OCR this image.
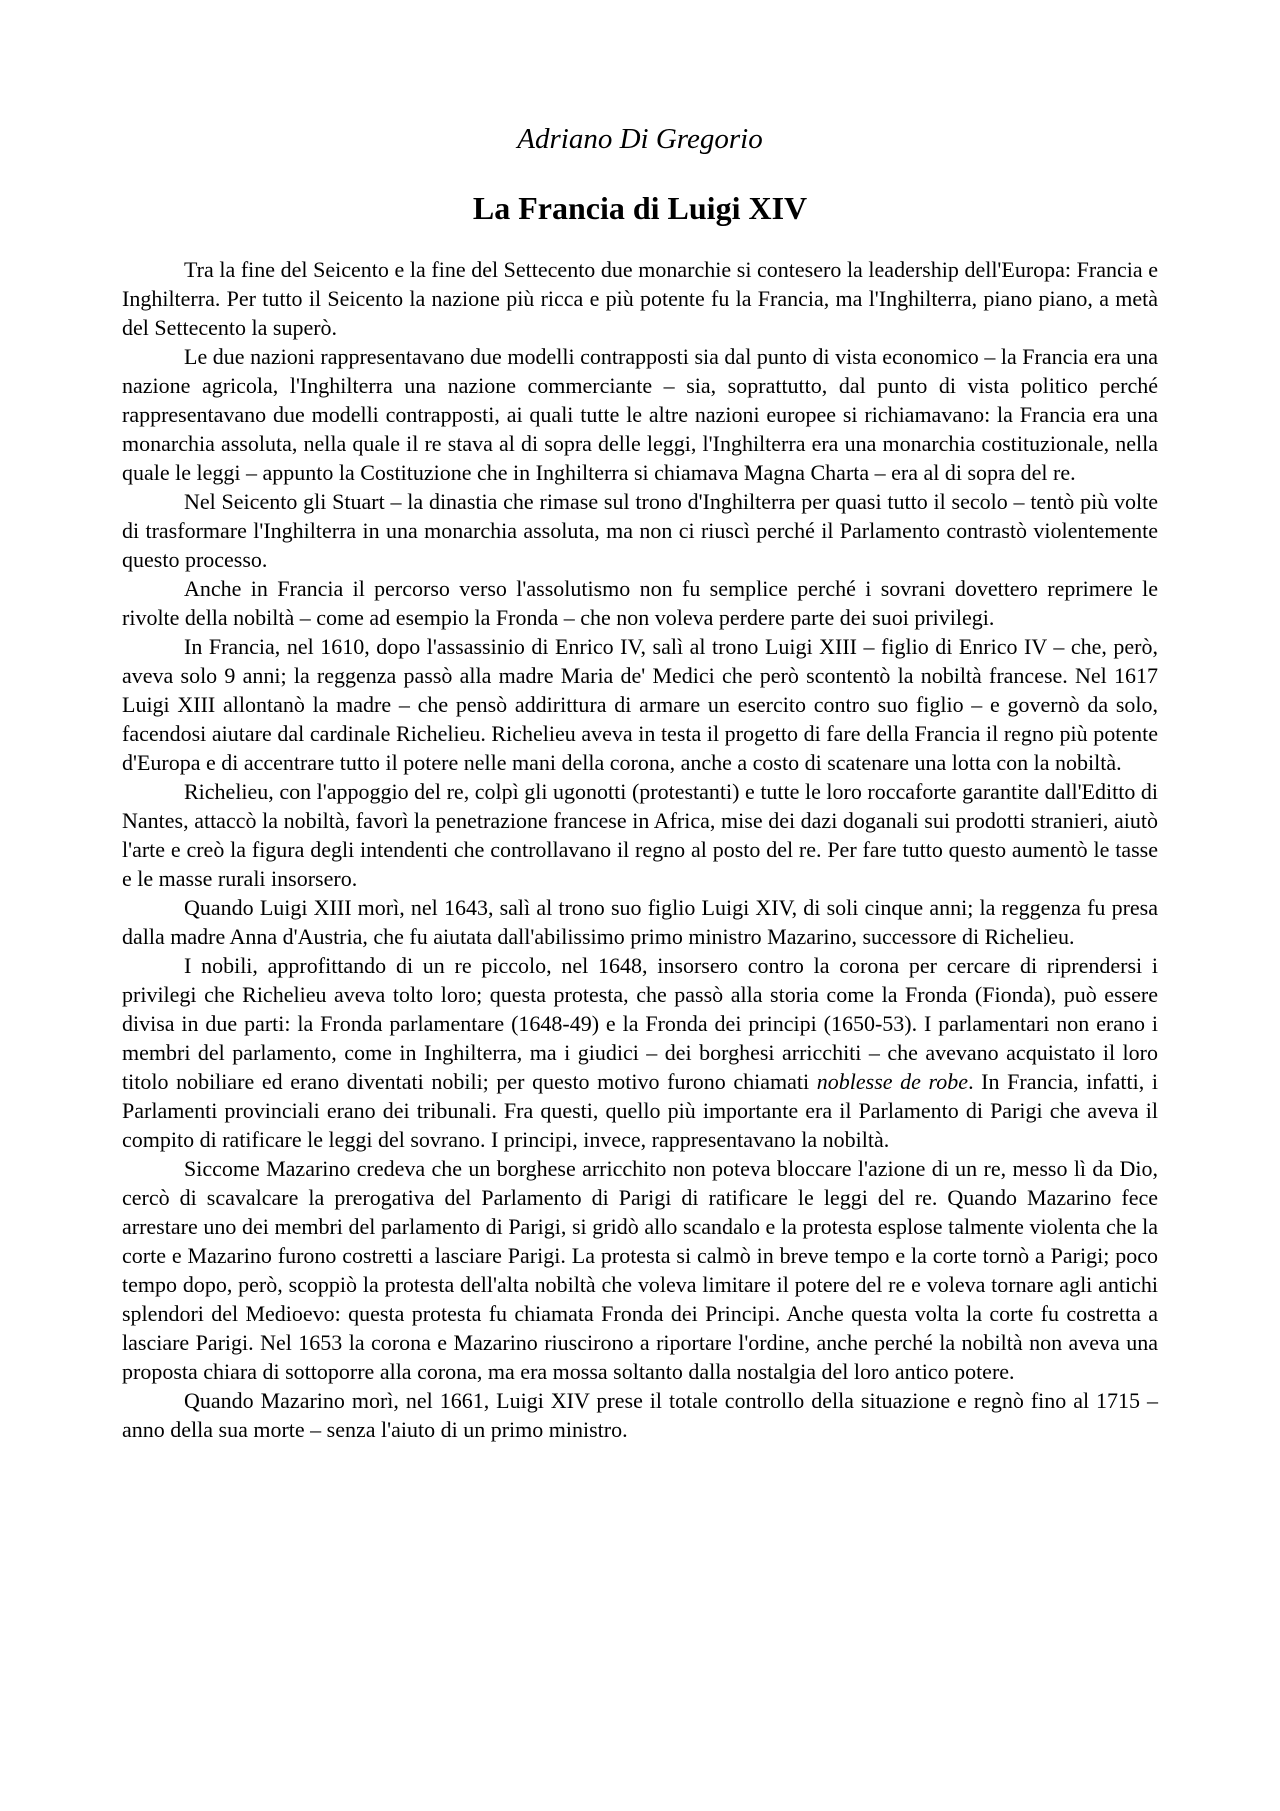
Adriano Di Gregorio
La Francia di Luigi XIV

Tra la fine del Seicento e la fine del Settecento due monarchie si contesero la leadership dell'Europa: Francia e Inghilterra. Per tutto il Seicento la nazione più ricca e più potente fu la Francia, ma l'Inghilterra, piano piano, a metà del Settecento la superò.

Le due nazioni rappresentavano due modelli contrapposti sia dal punto di vista economico – la Francia era una nazione agricola, l'Inghilterra una nazione commerciante – sia, soprattutto, dal punto di vista politico perché rappresentavano due modelli contrapposti, ai quali tutte le altre nazioni europee si richiamavano: la Francia era una monarchia assoluta, nella quale il re stava al di sopra delle leggi, l'Inghilterra era una monarchia costituzionale, nella quale le leggi – appunto la Costituzione che in Inghilterra si chiamava Magna Charta – era al di sopra del re.

Nel Seicento gli Stuart – la dinastia che rimase sul trono d'Inghilterra per quasi tutto il secolo – tentò più volte di trasformare l'Inghilterra in una monarchia assoluta, ma non ci riuscì perché il Parlamento contrastò violentemente questo processo.

Anche in Francia il percorso verso l'assolutismo non fu semplice perché i sovrani dovettero reprimere le rivolte della nobiltà – come ad esempio la Fronda – che non voleva perdere parte dei suoi privilegi.

In Francia, nel 1610, dopo l'assassinio di Enrico IV, salì al trono Luigi XIII – figlio di Enrico IV – che, però, aveva solo 9 anni; la reggenza passò alla madre Maria de' Medici che però scontentò la nobiltà francese. Nel 1617 Luigi XIII allontanò la madre – che pensò addirittura di armare un esercito contro suo figlio – e governò da solo, facendosi aiutare dal cardinale Richelieu. Richelieu aveva in testa il progetto di fare della Francia il regno più potente d'Europa e di accentrare tutto il potere nelle mani della corona, anche a costo di scatenare una lotta con la nobiltà.

Richelieu, con l'appoggio del re, colpì gli ugonotti (protestanti) e tutte le loro roccaforte garantite dall'Editto di Nantes, attaccò la nobiltà, favorì la penetrazione francese in Africa, mise dei dazi doganali sui prodotti stranieri, aiutò l'arte e creò la figura degli intendenti che controllavano il regno al posto del re. Per fare tutto questo aumentò le tasse e le masse rurali insorsero.

Quando Luigi XIII morì, nel 1643, salì al trono suo figlio Luigi XIV, di soli cinque anni; la reggenza fu presa dalla madre Anna d'Austria, che fu aiutata dall'abilissimo primo ministro Mazarino, successore di Richelieu.

I nobili, approfittando di un re piccolo, nel 1648, insorsero contro la corona per cercare di riprendersi i privilegi che Richelieu aveva tolto loro; questa protesta, che passò alla storia come la Fronda (Fionda), può essere divisa in due parti: la Fronda parlamentare (1648-49) e la Fronda dei principi (1650-53). I parlamentari non erano i membri del parlamento, come in Inghilterra, ma i giudici – dei borghesi arricchiti – che avevano acquistato il loro titolo nobiliare ed erano diventati nobili; per questo motivo furono chiamati noblesse de robe. In Francia, infatti, i Parlamenti provinciali erano dei tribunali. Fra questi, quello più importante era il Parlamento di Parigi che aveva il compito di ratificare le leggi del sovrano. I principi, invece, rappresentavano la nobiltà.

Siccome Mazarino credeva che un borghese arricchito non poteva bloccare l'azione di un re, messo lì da Dio, cercò di scavalcare la prerogativa del Parlamento di Parigi di ratificare le leggi del re. Quando Mazarino fece arrestare uno dei membri del parlamento di Parigi, si gridò allo scandalo e la protesta esplose talmente violenta che la corte e Mazarino furono costretti a lasciare Parigi. La protesta si calmò in breve tempo e la corte tornò a Parigi; poco tempo dopo, però, scoppiò la protesta dell'alta nobiltà che voleva limitare il potere del re e voleva tornare agli antichi splendori del Medioevo: questa protesta fu chiamata Fronda dei Principi. Anche questa volta la corte fu costretta a lasciare Parigi. Nel 1653 la corona e Mazarino riuscirono a riportare l'ordine, anche perché la nobiltà non aveva una proposta chiara di sottoporre alla corona, ma era mossa soltanto dalla nostalgia del loro antico potere.

Quando Mazarino morì, nel 1661, Luigi XIV prese il totale controllo della situazione e regnò fino al 1715 – anno della sua morte – senza l'aiuto di un primo ministro.
